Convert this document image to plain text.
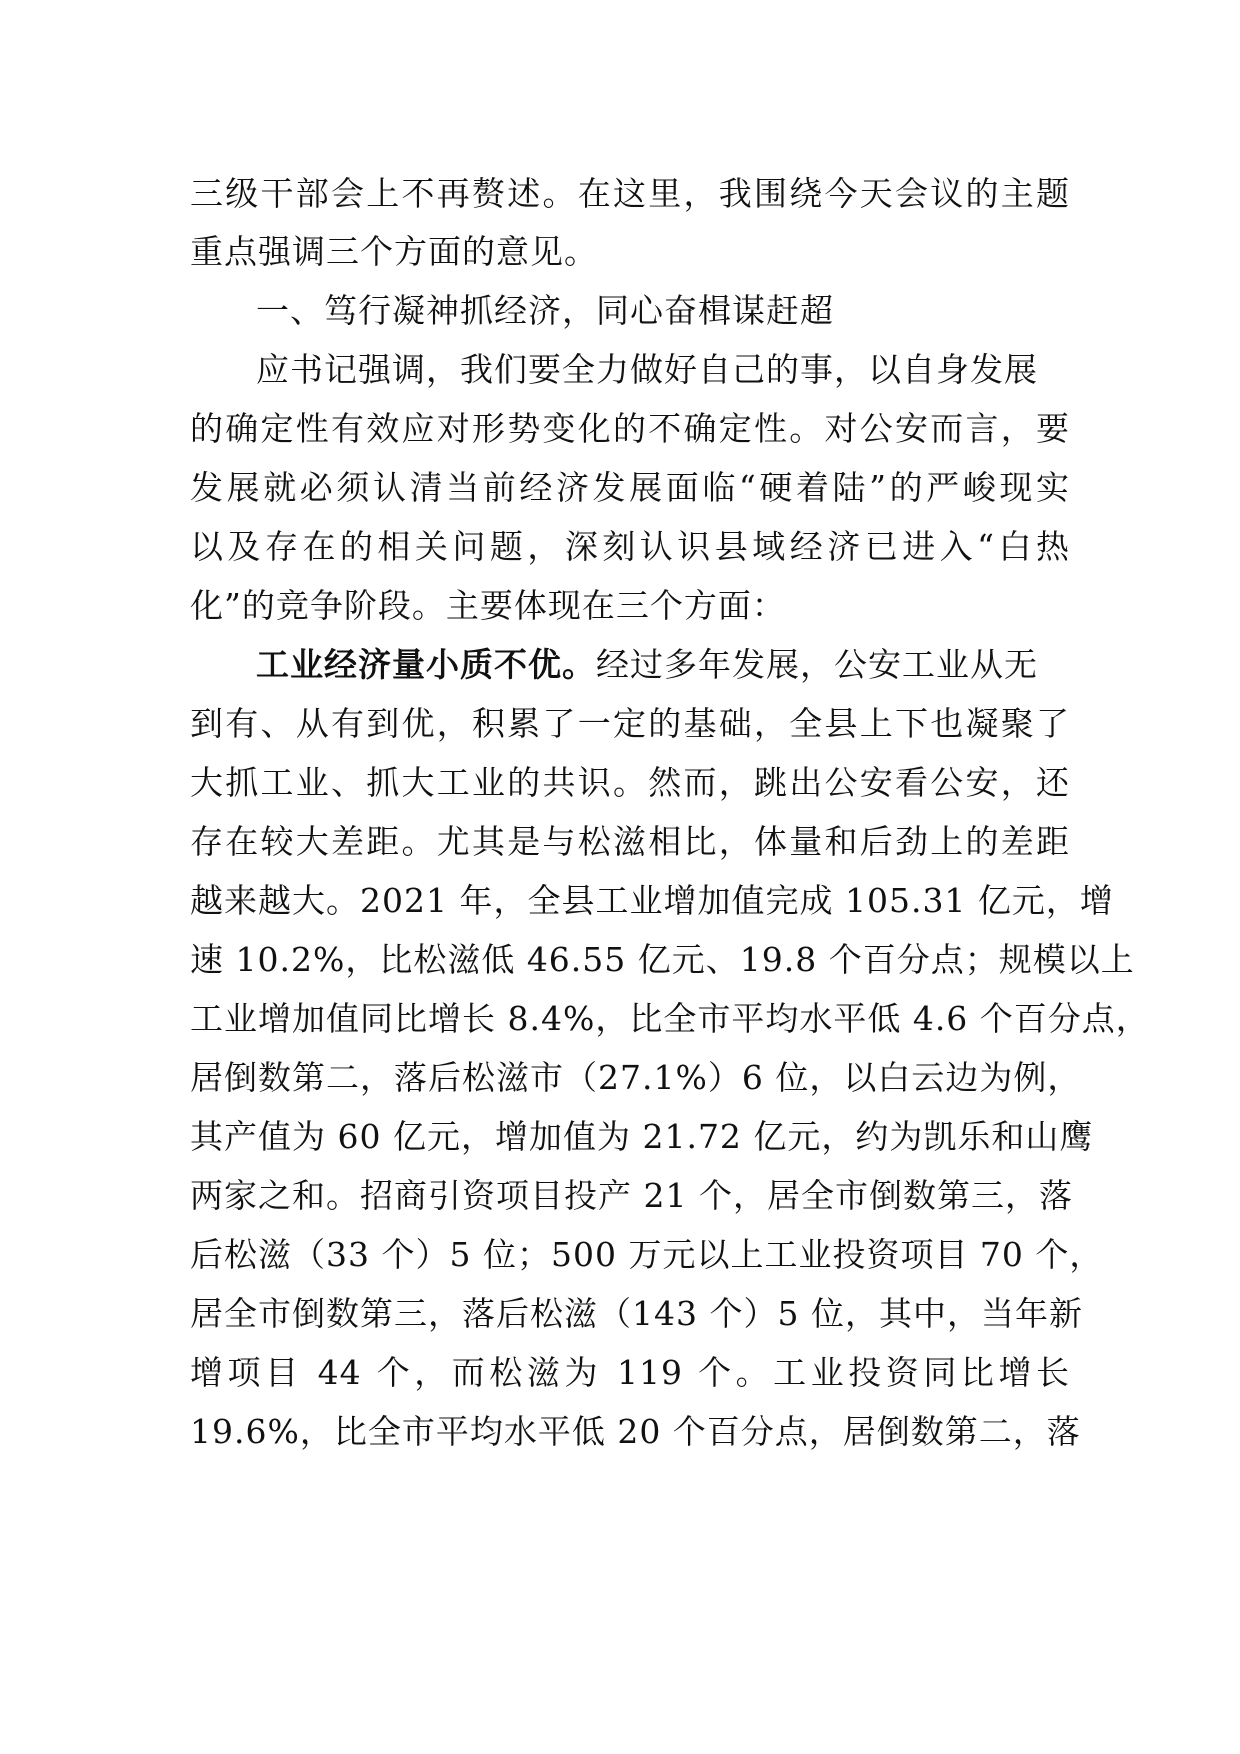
三级干部会上不再赘述。在这里，我围绕今天会议的主题
重点强调三个方面的意见。
一、笃行凝神抓经济，同心奋楫谋赶超
应书记强调，我们要全力做好自己的事，以自身发展
的确定性有效应对形势变化的不确定性。对公安而言，要
发展就必须认清当前经济发展面临“硬着陆”的严峻现实
以及存在的相关问题，深刻认识县域经济已进入“白热
化”的竞争阶段。主要体现在三个方面：
工业经济量小质不优。经过多年发展，公安工业从无
到有、从有到优，积累了一定的基础，全县上下也凝聚了
大抓工业、抓大工业的共识。然而，跳出公安看公安，还
存在较大差距。尤其是与松滋相比，体量和后劲上的差距
越来越大。2021 年，全县工业增加值完成 105.31 亿元，增
速 10.2%，比松滋低 46.55 亿元、19.8 个百分点；规模以上
工业增加值同比增长 8.4%，比全市平均水平低 4.6 个百分点，
居倒数第二，落后松滋市（27.1%）6 位，以白云边为例，
其产值为 60 亿元，增加值为 21.72 亿元，约为凯乐和山鹰
两家之和。招商引资项目投产 21 个，居全市倒数第三，落
后松滋（33 个）5 位；500 万元以上工业投资项目 70 个，
居全市倒数第三，落后松滋（143 个）5 位，其中，当年新
增项目 44 个，而松滋为 119 个。工业投资同比增长
19.6%，比全市平均水平低 20 个百分点，居倒数第二，落
